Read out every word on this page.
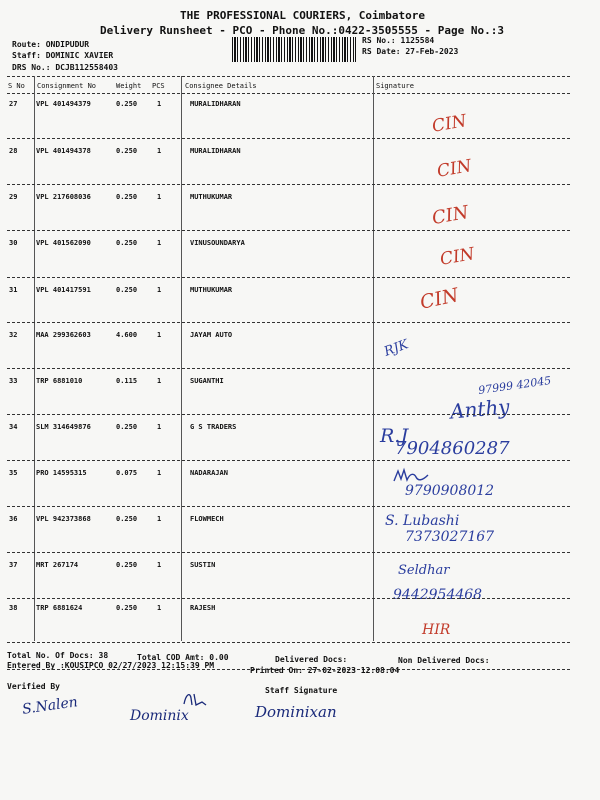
THE PROFESSIONAL COURIERS, Coimbatore
Delivery Runsheet - PCO - Phone No.:0422-3505555 - Page No.:3
Route: ONDIPUDUR
Staff: DOMINIC XAVIER
DRS No.: DCJB112558403
RS No.: 1125584
RS Date: 27-Feb-2023
S No Consignment No	Weight PCS	Consignee Details	Signature
27	VPL 401494379	0.250	1	MURALIDHARAN
CIN
28	VPL 401494378	0.250	1	MURALIDHARAN
CIN
29	VPL 217608036	0.250	1	MUTHUKUMAR
CIN
30	VPL 401562090	0.250	1	VINUSOUNDARYA
CIN
31	VPL 401417591	0.250	1	MUTHUKUMAR	CIN
32	MAA 299362603	4.600	1	JAYAM AUTO
RJK
33	TRP 6881010	0.115	1	SUGANTHI	97999 42045
Anthy
34	SLM 314649876	0.250	1	G S TRADERS	R.J
7904860287
35	PRO 14595315	0.075	1	NADARAJAN
9790908012
36	VPL 942373868	0.250	1	FLOWMECH	S. Lubashi
7373027167
37	MRT 267174	0.250	1	SUSTIN	Seldhar
9442954468
38	TRP 6881624	0.250	1	RAJESH
HIR
Total No. Of Docs: 38	Total COD Amt: 0.00	Delivered Docs:	Non Delivered Docs:
Entered By :KOUSIPCO 02/27/2023 12:15:39 PM
Printed On: 27-02-2023 12:08:04
Verified By	Staff Signature
S.Nalen	Dominix	Dominixan
